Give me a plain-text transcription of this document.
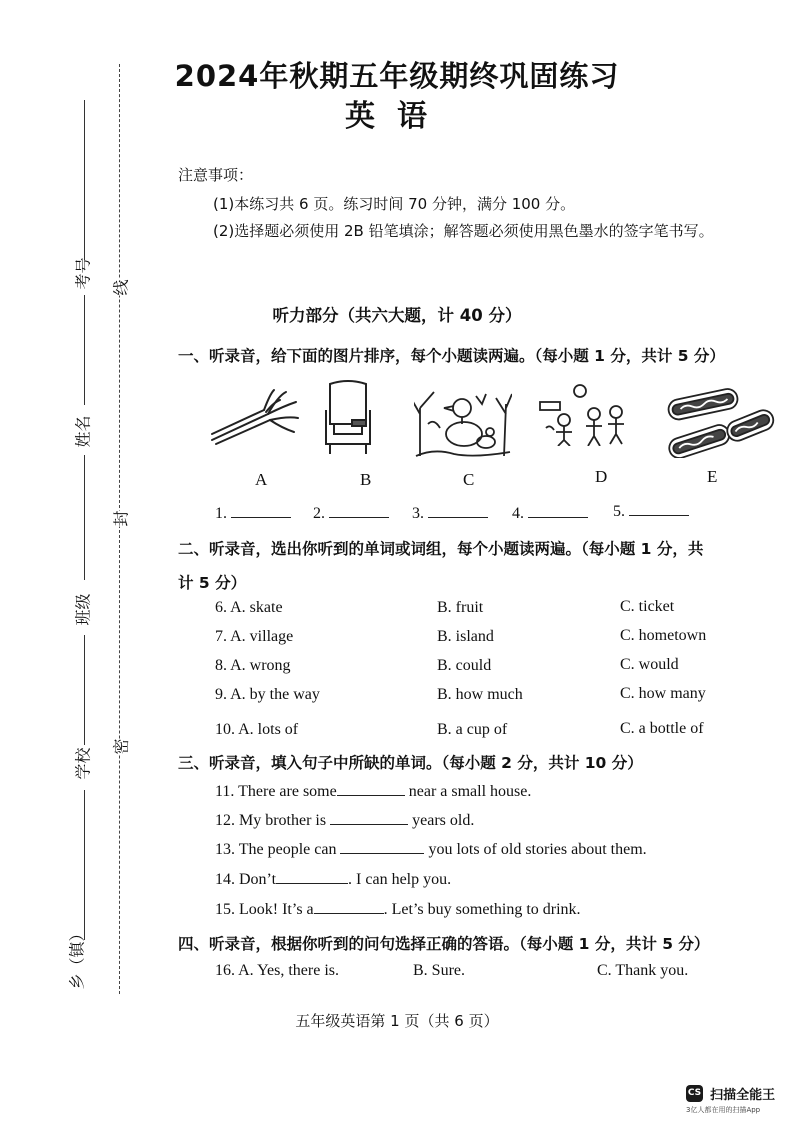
2024年秋期五年级期终巩固练习
英语
注意事项：
(1)本练习共 6 页。练习时间 70 分钟，满分 100 分。
(2)选择题必须使用 2B 铅笔填涂；解答题必须使用黑色墨水的签字笔书写。
考号
姓名
班级
学校
乡（镇）
线
封
密
听力部分（共六大题，计 40 分）
一、听录音，给下面的图片排序，每个小题读两遍。（每小题 1 分，共计 5 分）
A	B	C	D	E
1.	2.	3.	4.	5.
二、听录音，选出你听到的单词或词组，每个小题读两遍。（每小题 1 分，共
计 5 分）
6. A. skate	B. fruit	C. ticket
7. A. village	B. island	C. hometown
8. A. wrong	B. could	C. would
9. A. by the way	B. how much	C. how many
10. A. lots of	B. a cup of	C. a bottle of
三、听录音，填入句子中所缺的单词。（每小题 2 分，共计 10 分）
11. There are some	near a small house.
12. My brother is	years old.
13. The people can	you lots of old stories about them.
14. Don’t	. I can help you.
15. Look! It’s a	. Let’s buy something to drink.
四、听录音，根据你听到的问句选择正确的答语。（每小题 1 分，共计 5 分）
16. A. Yes, there is.	B. Sure.	C. Thank you.
五年级英语第 1 页（共 6 页）
CS 扫描全能王
3亿人都在用的扫描App
